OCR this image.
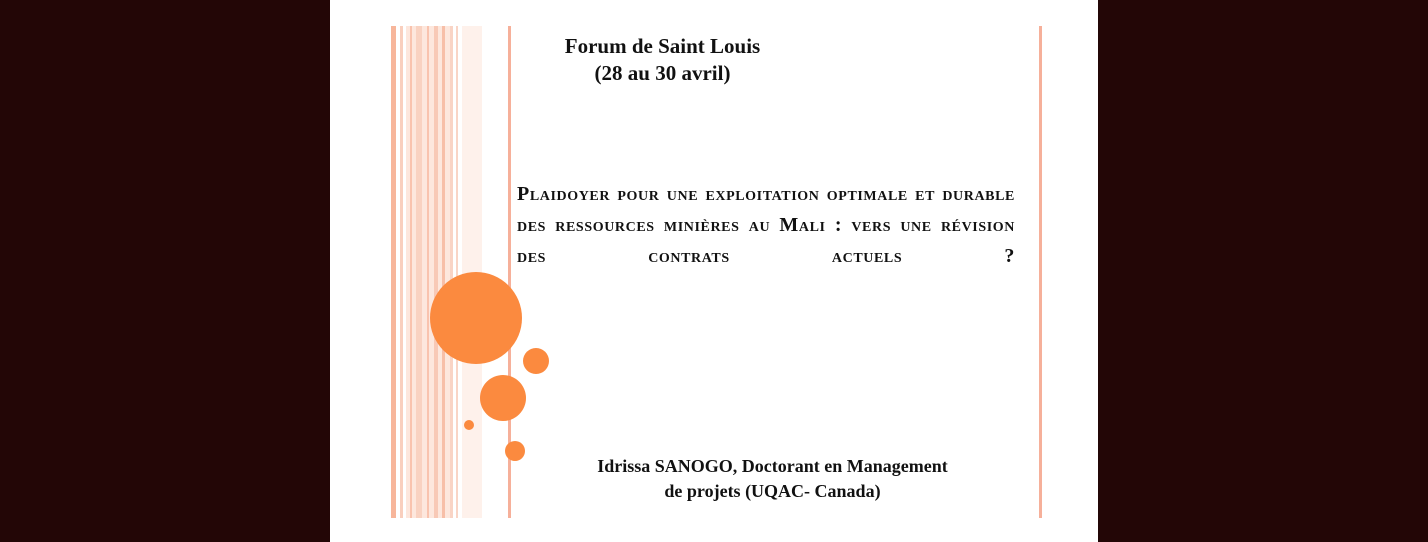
Forum de Saint Louis
(28 au 30 avril)
Plaidoyer pour une exploitation optimale et durable des ressources minières au Mali : vers une révision des contrats actuels ?
Idrissa SANOGO, Doctorant en Management
de projets (UQAC- Canada)
